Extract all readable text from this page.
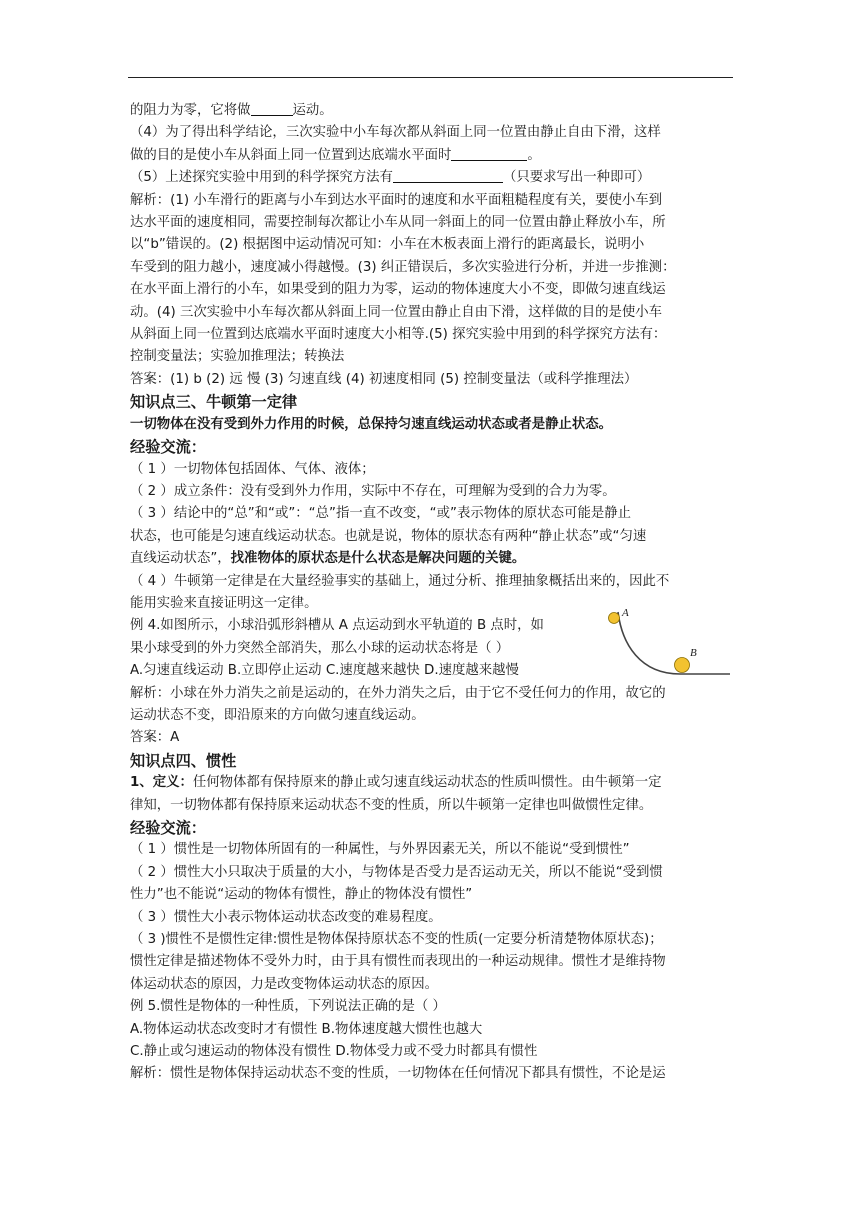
的阻力为零，它将做	运动。
（4）为了得出科学结论，三次实验中小车每次都从斜面上同一位置由静止自由下滑，这样
做的目的是使小车从斜面上同一位置到达底端水平面时	。
（5）上述探究实验中用到的科学探究方法有	（只要求写出一种即可）
解析：(1) 小车滑行的距离与小车到达水平面时的速度和水平面粗糙程度有关，要使小车到
达水平面的速度相同，需要控制每次都让小车从同一斜面上的同一位置由静止释放小车，所
以“b”错误的。(2) 根据图中运动情况可知：小车在木板表面上滑行的距离最长，说明小
车受到的阻力越小，速度减小得越慢。(3) 纠正错误后，多次实验进行分析，并进一步推测：
在水平面上滑行的小车，如果受到的阻力为零，运动的物体速度大小不变，即做匀速直线运
动。(4) 三次实验中小车每次都从斜面上同一位置由静止自由下滑，这样做的目的是使小车
从斜面上同一位置到达底端水平面时速度大小相等.(5) 探究实验中用到的科学探究方法有：
控制变量法；实验加推理法；转换法
答案：(1) b (2) 远 慢 (3) 匀速直线 (4) 初速度相同 (5) 控制变量法（或科学推理法）
知识点三、牛顿第一定律
一切物体在没有受到外力作用的时候，总保持匀速直线运动状态或者是静止状态。
经验交流：
（ 1 ）一切物体包括固体、气体、液体；
（ 2 ）成立条件：没有受到外力作用，实际中不存在，可理解为受到的合力为零。
（ 3 ）结论中的“总”和“或”：“总”指一直不改变，“或”表示物体的原状态可能是静止
状态，也可能是匀速直线运动状态。也就是说，物体的原状态有两种“静止状态”或“匀速
直线运动状态”，找准物体的原状态是什么状态是解决问题的关键。
（ 4 ）牛顿第一定律是在大量经验事实的基础上，通过分析、推理抽象概括出来的，因此不
能用实验来直接证明这一定律。
例 4.如图所示，小球沿弧形斜槽从 A 点运动到水平轨道的 B 点时，如
果小球受到的外力突然全部消失，那么小球的运动状态将是（ ）
A.匀速直线运动 B.立即停止运动 C.速度越来越快 D.速度越来越慢
解析：小球在外力消失之前是运动的，在外力消失之后，由于它不受任何力的作用，故它的
运动状态不变，即沿原来的方向做匀速直线运动。
答案：A
知识点四、惯性
1、定义：任何物体都有保持原来的静止或匀速直线运动状态的性质叫惯性。由牛顿第一定
律知，一切物体都有保持原来运动状态不变的性质，所以牛顿第一定律也叫做惯性定律。
经验交流：
（ 1 ）惯性是一切物体所固有的一种属性，与外界因素无关，所以不能说“受到惯性”
（ 2 ）惯性大小只取决于质量的大小，与物体是否受力是否运动无关，所以不能说“受到惯
性力”也不能说“运动的物体有惯性，静止的物体没有惯性”
（ 3 ）惯性大小表示物体运动状态改变的难易程度。
（ 3 )惯性不是惯性定律:惯性是物体保持原状态不变的性质(一定要分析清楚物体原状态)；
惯性定律是描述物体不受外力时，由于具有惯性而表现出的一种运动规律。惯性才是维持物
体运动状态的原因，力是改变物体运动状态的原因。
例 5.惯性是物体的一种性质，下列说法正确的是（ ）
A.物体运动状态改变时才有惯性 B.物体速度越大惯性也越大
C.静止或匀速运动的物体没有惯性 D.物体受力或不受力时都具有惯性
解析：惯性是物体保持运动状态不变的性质，一切物体在任何情况下都具有惯性，不论是运
A
B
